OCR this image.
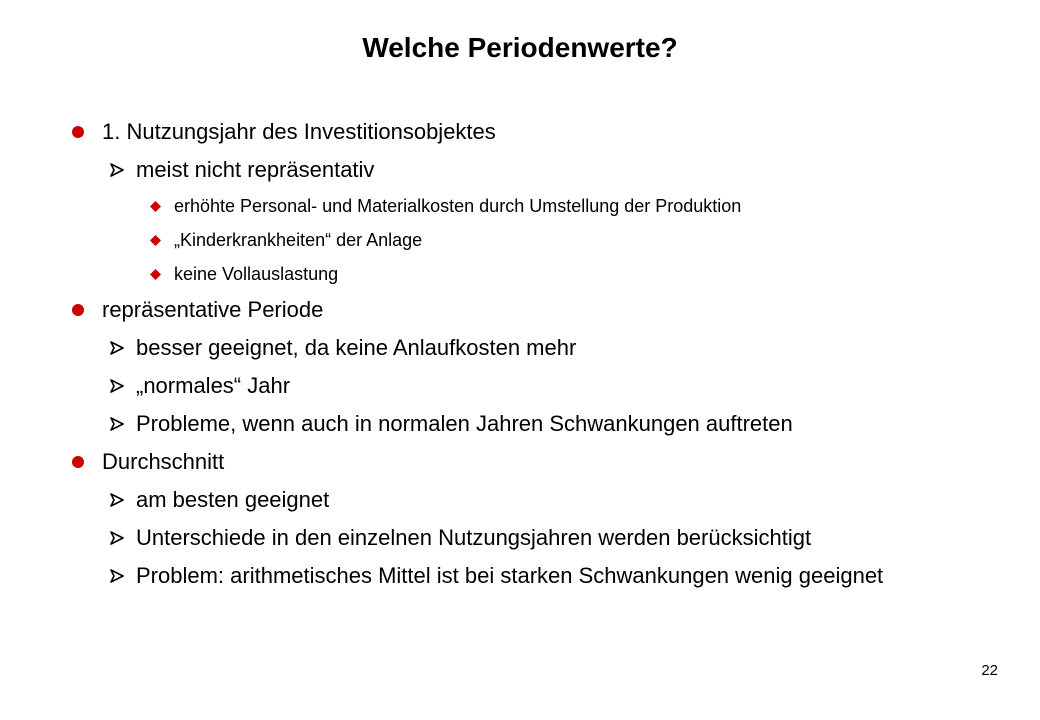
Welche Periodenwerte?
1. Nutzungsjahr des Investitionsobjektes
meist nicht repräsentativ
erhöhte Personal- und Materialkosten durch Umstellung der Produktion
„Kinderkrankheiten“ der Anlage
keine Vollauslastung
repräsentative Periode
besser geeignet, da keine Anlaufkosten mehr
„normales“ Jahr
Probleme, wenn auch in normalen Jahren Schwankungen auftreten
Durchschnitt
am besten geeignet
Unterschiede in den einzelnen Nutzungsjahren werden berücksichtigt
Problem: arithmetisches Mittel ist bei starken Schwankungen wenig geeignet
22
